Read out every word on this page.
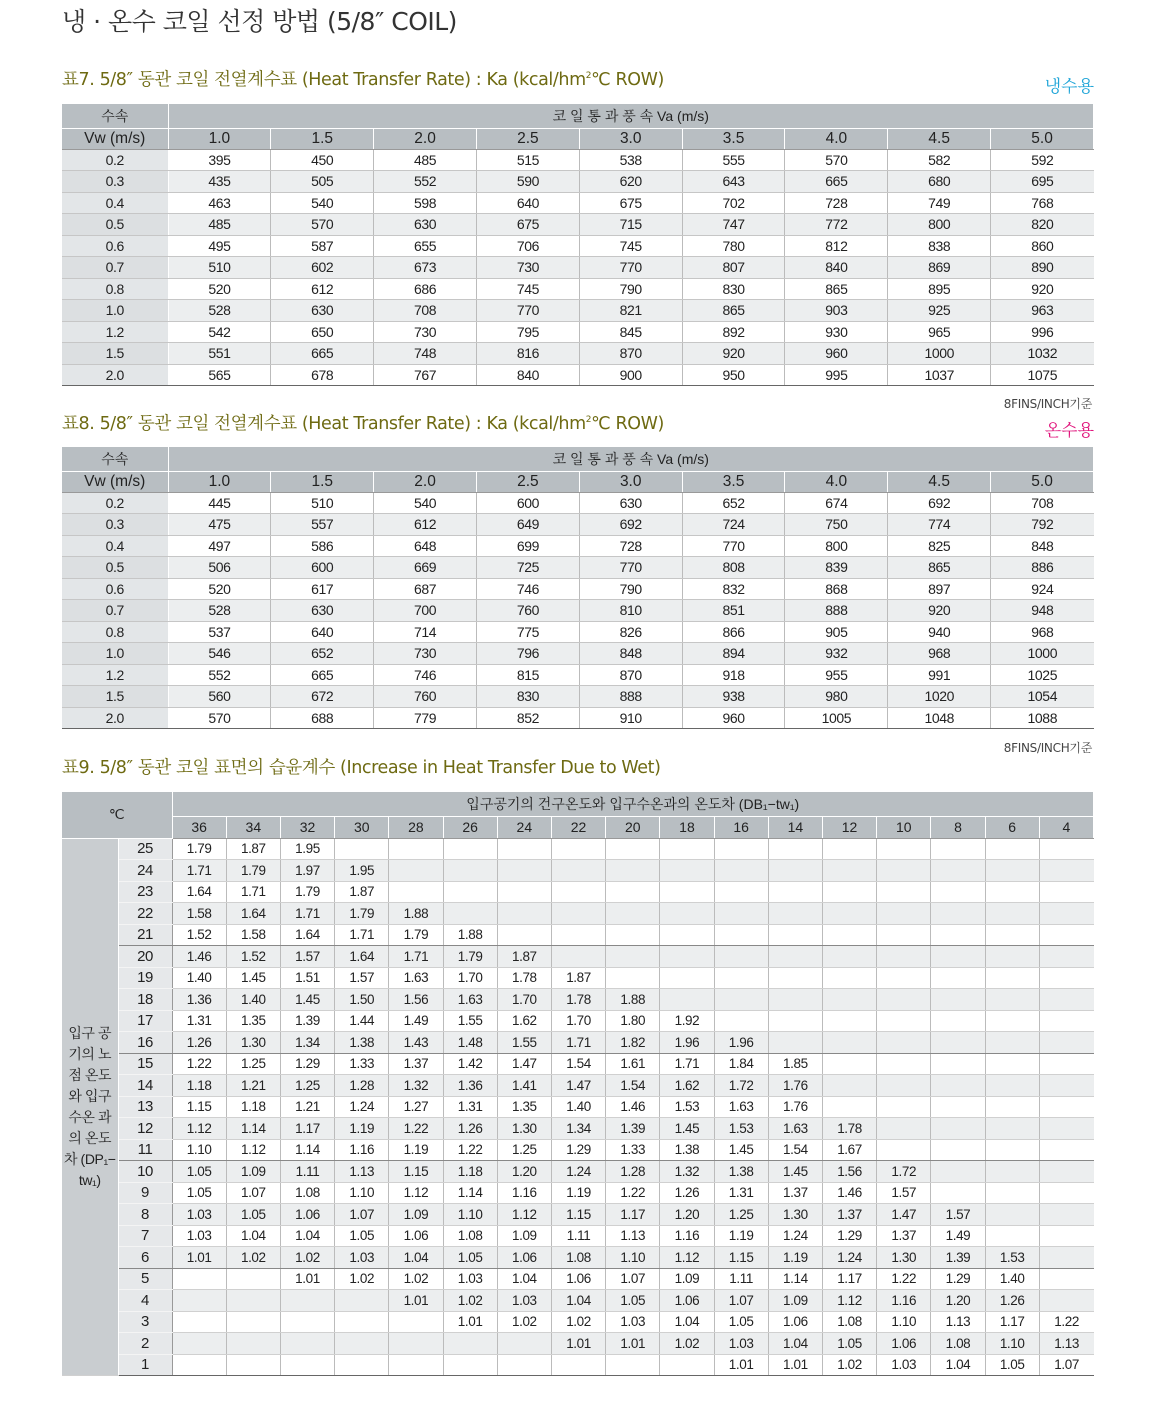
냉 · 온수 코일 선정 방법 (5/8″ COIL)
표7. 5/8″ 동관 코일 전열계수표 (Heat Transfer Rate) : Ka ($kcal/hm^2℃$ ROW)	냉수용
수속	코 일 통 과 풍 속 Va (m/s)								
Vw (m/s)	1.0	1.5	2.0	2.5	3.0	3.5	4.0	4.5	5.0
0.2	395	450	485	515	538	555	570	582	592
0.3	435	505	552	590	620	643	665	680	695
0.4	463	540	598	640	675	702	728	749	768
0.5	485	570	630	675	715	747	772	800	820
0.6	495	587	655	706	745	780	812	838	860
0.7	510	602	673	730	770	807	840	869	890
0.8	520	612	686	745	790	830	865	895	920
1.0	528	630	708	770	821	865	903	925	963
1.2	542	650	730	795	845	892	930	965	996
1.5	551	665	748	816	870	920	960	1000	1032
2.0	565	678	767	840	900	950	995	1037	1075
8FINS/INCH기준
표8. 5/8″ 동관 코일 전열계수표 (Heat Transfer Rate) : Ka ($kcal/hm^2℃$ ROW)	온수용
수속	코 일 통 과 풍 속 Va (m/s)								
Vw (m/s)	1.0	1.5	2.0	2.5	3.0	3.5	4.0	4.5	5.0
0.2	445	510	540	600	630	652	674	692	708
0.3	475	557	612	649	692	724	750	774	792
0.4	497	586	648	699	728	770	800	825	848
0.5	506	600	669	725	770	808	839	865	886
0.6	520	617	687	746	790	832	868	897	924
0.7	528	630	700	760	810	851	888	920	948
0.8	537	640	714	775	826	866	905	940	968
1.0	546	652	730	796	848	894	932	968	1000
1.2	552	665	746	815	870	918	955	991	1025
1.5	560	672	760	830	888	938	980	1020	1054
2.0	570	688	779	852	910	960	1005	1048	1088
8FINS/INCH기준
표9. 5/8″ 동관 코일 표면의 습윤계수 (Increase in Heat Transfer Due to Wet)
℃		입구공기의 건구온도와 입구수온과의 온도차 (DB₁−tw₁)																
		36	34	32	30	28	26	24	22	20	18	16	14	12	10	8	6	4
입구 공기의 노점 온도와 입구 수온 과의 온도차 (DP₁− tw₁)	25	1.79	1.87	1.95														
	24	1.71	1.79	1.97	1.95													
	23	1.64	1.71	1.79	1.87													
	22	1.58	1.64	1.71	1.79	1.88												
	21	1.52	1.58	1.64	1.71	1.79	1.88											
	20	1.46	1.52	1.57	1.64	1.71	1.79	1.87										
	19	1.40	1.45	1.51	1.57	1.63	1.70	1.78	1.87									
	18	1.36	1.40	1.45	1.50	1.56	1.63	1.70	1.78	1.88								
	17	1.31	1.35	1.39	1.44	1.49	1.55	1.62	1.70	1.80	1.92							
	16	1.26	1.30	1.34	1.38	1.43	1.48	1.55	1.71	1.82	1.96	1.96						
	15	1.22	1.25	1.29	1.33	1.37	1.42	1.47	1.54	1.61	1.71	1.84	1.85					
	14	1.18	1.21	1.25	1.28	1.32	1.36	1.41	1.47	1.54	1.62	1.72	1.76					
	13	1.15	1.18	1.21	1.24	1.27	1.31	1.35	1.40	1.46	1.53	1.63	1.76					
	12	1.12	1.14	1.17	1.19	1.22	1.26	1.30	1.34	1.39	1.45	1.53	1.63	1.78				
	11	1.10	1.12	1.14	1.16	1.19	1.22	1.25	1.29	1.33	1.38	1.45	1.54	1.67				
	10	1.05	1.09	1.11	1.13	1.15	1.18	1.20	1.24	1.28	1.32	1.38	1.45	1.56	1.72			
	9	1.05	1.07	1.08	1.10	1.12	1.14	1.16	1.19	1.22	1.26	1.31	1.37	1.46	1.57			
	8	1.03	1.05	1.06	1.07	1.09	1.10	1.12	1.15	1.17	1.20	1.25	1.30	1.37	1.47	1.57		
	7	1.03	1.04	1.04	1.05	1.06	1.08	1.09	1.11	1.13	1.16	1.19	1.24	1.29	1.37	1.49		
	6	1.01	1.02	1.02	1.03	1.04	1.05	1.06	1.08	1.10	1.12	1.15	1.19	1.24	1.30	1.39	1.53	
	5			1.01	1.02	1.02	1.03	1.04	1.06	1.07	1.09	1.11	1.14	1.17	1.22	1.29	1.40	
	4					1.01	1.02	1.03	1.04	1.05	1.06	1.07	1.09	1.12	1.16	1.20	1.26	
	3						1.01	1.02	1.02	1.03	1.04	1.05	1.06	1.08	1.10	1.13	1.17	1.22
	2								1.01	1.01	1.02	1.03	1.04	1.05	1.06	1.08	1.10	1.13
	1											1.01	1.01	1.02	1.03	1.04	1.05	1.07
